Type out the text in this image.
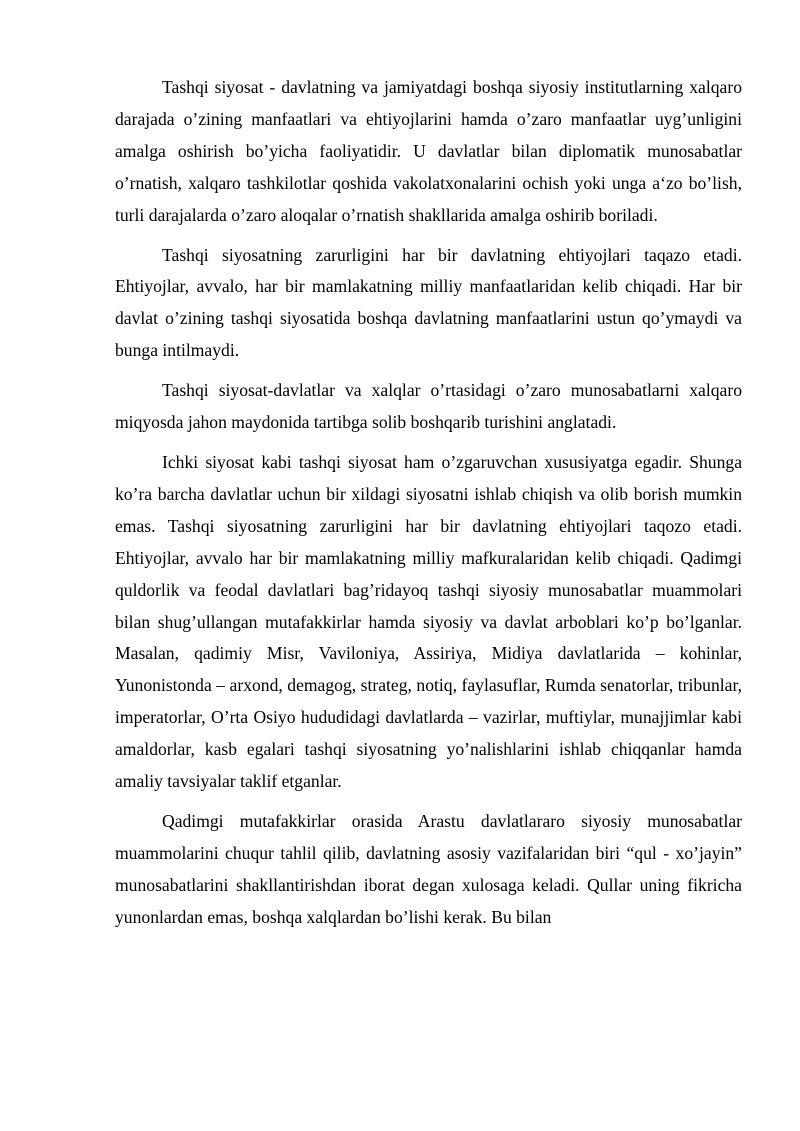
Tashqi siyosat - davlatning va jamiyatdagi boshqa siyosiy institutlarning xalqaro darajada o’zining manfaatlari va ehtiyojlarini hamda o’zaro manfaatlar uyg’unligini amalga oshirish bo’yicha faoliyatidir. U davlatlar bilan diplomatik munosabatlar o’rnatish, xalqaro tashkilotlar qoshida vakolatxonalarini ochish yoki unga a‘zo bo’lish, turli darajalarda o’zaro aloqalar o’rnatish shakllarida amalga oshirib boriladi.

Tashqi siyosatning zarurligini har bir davlatning ehtiyojlari taqazo etadi. Ehtiyojlar, avvalo, har bir mamlakatning milliy manfaatlaridan kelib chiqadi. Har bir davlat o’zining tashqi siyosatida boshqa davlatning manfaatlarini ustun qo’ymaydi va bunga intilmaydi.

Tashqi siyosat-davlatlar va xalqlar o’rtasidagi o’zaro munosabatlarni xalqaro miqyosda jahon maydonida tartibga solib boshqarib turishini anglatadi.

Ichki siyosat kabi tashqi siyosat ham o’zgaruvchan xususiyatga egadir. Shunga ko’ra barcha davlatlar uchun bir xildagi siyosatni ishlab chiqish va olib borish mumkin emas. Tashqi siyosatning zarurligini har bir davlatning ehtiyojlari taqozo etadi. Ehtiyojlar, avvalo har bir mamlakatning milliy mafkuralaridan kelib chiqadi. Qadimgi quldorlik va feodal davlatlari bag’ridayoq tashqi siyosiy munosabatlar muammolari bilan shug’ullangan mutafakkirlar hamda siyosiy va davlat arboblari ko’p bo’lganlar. Masalan, qadimiy Misr, Vaviloniya, Assiriya, Midiya davlatlarida – kohinlar, Yunonistonda – arxond, demagog, strateg, notiq, faylasuflar, Rumda senatorlar, tribunlar, imperatorlar, O’rta Osiyo hududidagi davlatlarda – vazirlar, muftiylar, munajjimlar kabi amaldorlar, kasb egalari tashqi siyosatning yo’nalishlarini ishlab chiqqanlar hamda amaliy tavsiyalar taklif etganlar.

Qadimgi mutafakkirlar orasida Arastu davlatlararo siyosiy munosabatlar muammolarini chuqur tahlil qilib, davlatning asosiy vazifalaridan biri “qul - xo’jayin” munosabatlarini shakllantirishdan iborat degan xulosaga keladi. Qullar uning fikricha yunonlardan emas, boshqa xalqlardan bo’lishi kerak. Bu bilan
